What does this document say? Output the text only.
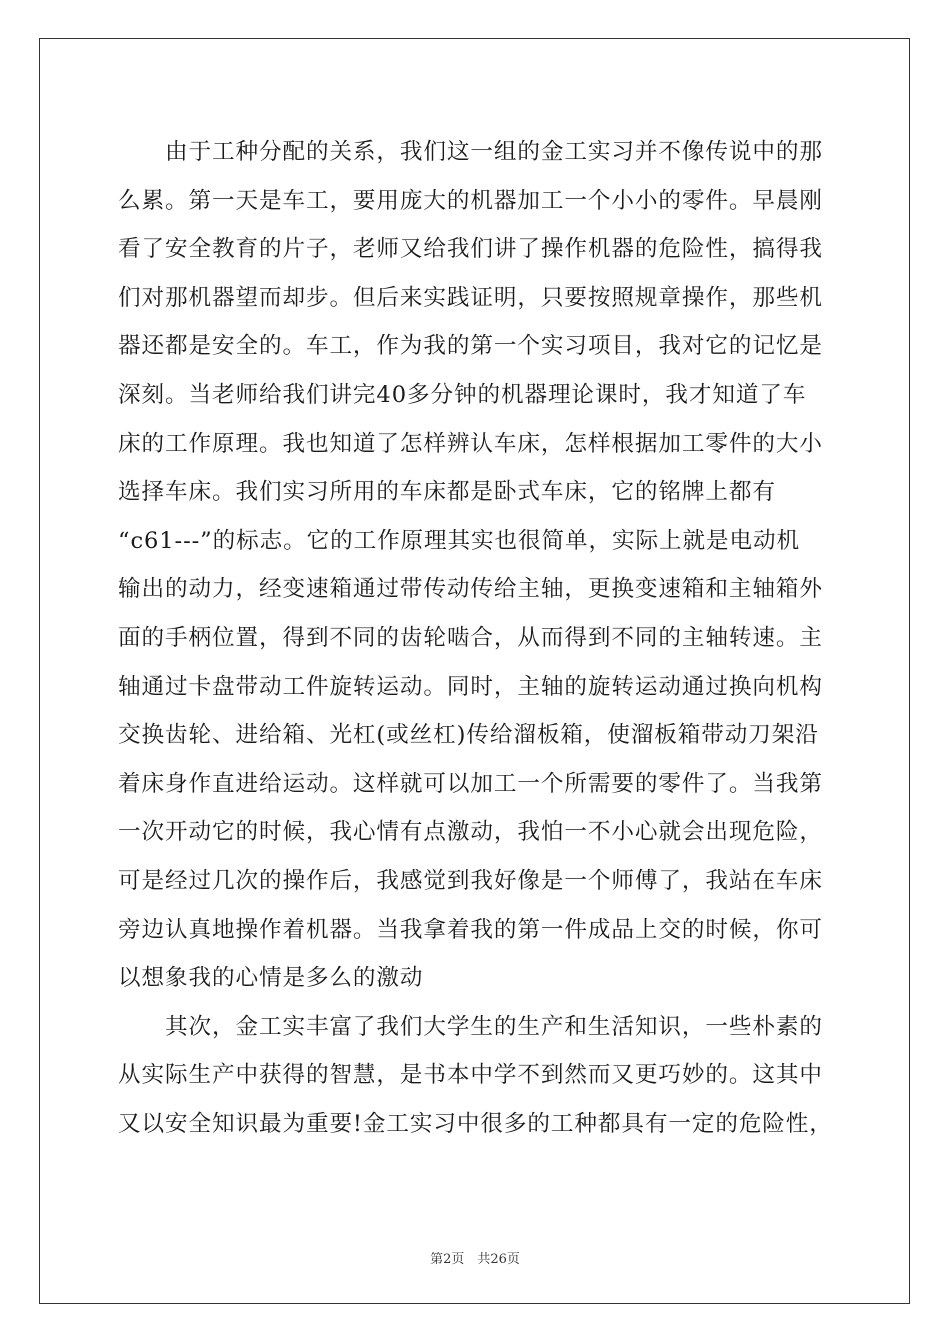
　　由于工种分配的关系，我们这一组的金工实习并不像传说中的那
么累。第一天是车工，要用庞大的机器加工一个小小的零件。早晨刚
看了安全教育的片子，老师又给我们讲了操作机器的危险性，搞得我
们对那机器望而却步。但后来实践证明，只要按照规章操作，那些机
器还都是安全的。车工，作为我的第一个实习项目，我对它的记忆是
深刻。当老师给我们讲完40多分钟的机器理论课时，我才知道了车
床的工作原理。我也知道了怎样辨认车床，怎样根据加工零件的大小
选择车床。我们实习所用的车床都是卧式车床，它的铭牌上都有
“c61---”的标志。它的工作原理其实也很简单，实际上就是电动机
输出的动力，经变速箱通过带传动传给主轴，更换变速箱和主轴箱外
面的手柄位置，得到不同的齿轮啮合，从而得到不同的主轴转速。主
轴通过卡盘带动工件旋转运动。同时，主轴的旋转运动通过换向机构
交换齿轮、进给箱、光杠(或丝杠)传给溜板箱，使溜板箱带动刀架沿
着床身作直进给运动。这样就可以加工一个所需要的零件了。当我第
一次开动它的时候，我心情有点激动，我怕一不小心就会出现危险，
可是经过几次的操作后，我感觉到我好像是一个师傅了，我站在车床
旁边认真地操作着机器。当我拿着我的第一件成品上交的时候，你可
以想象我的心情是多么的激动
　　其次，金工实丰富了我们大学生的生产和生活知识，一些朴素的
从实际生产中获得的智慧，是书本中学不到然而又更巧妙的。这其中
又以安全知识最为重要!金工实习中很多的工种都具有一定的危险性，
第2页　共26页
